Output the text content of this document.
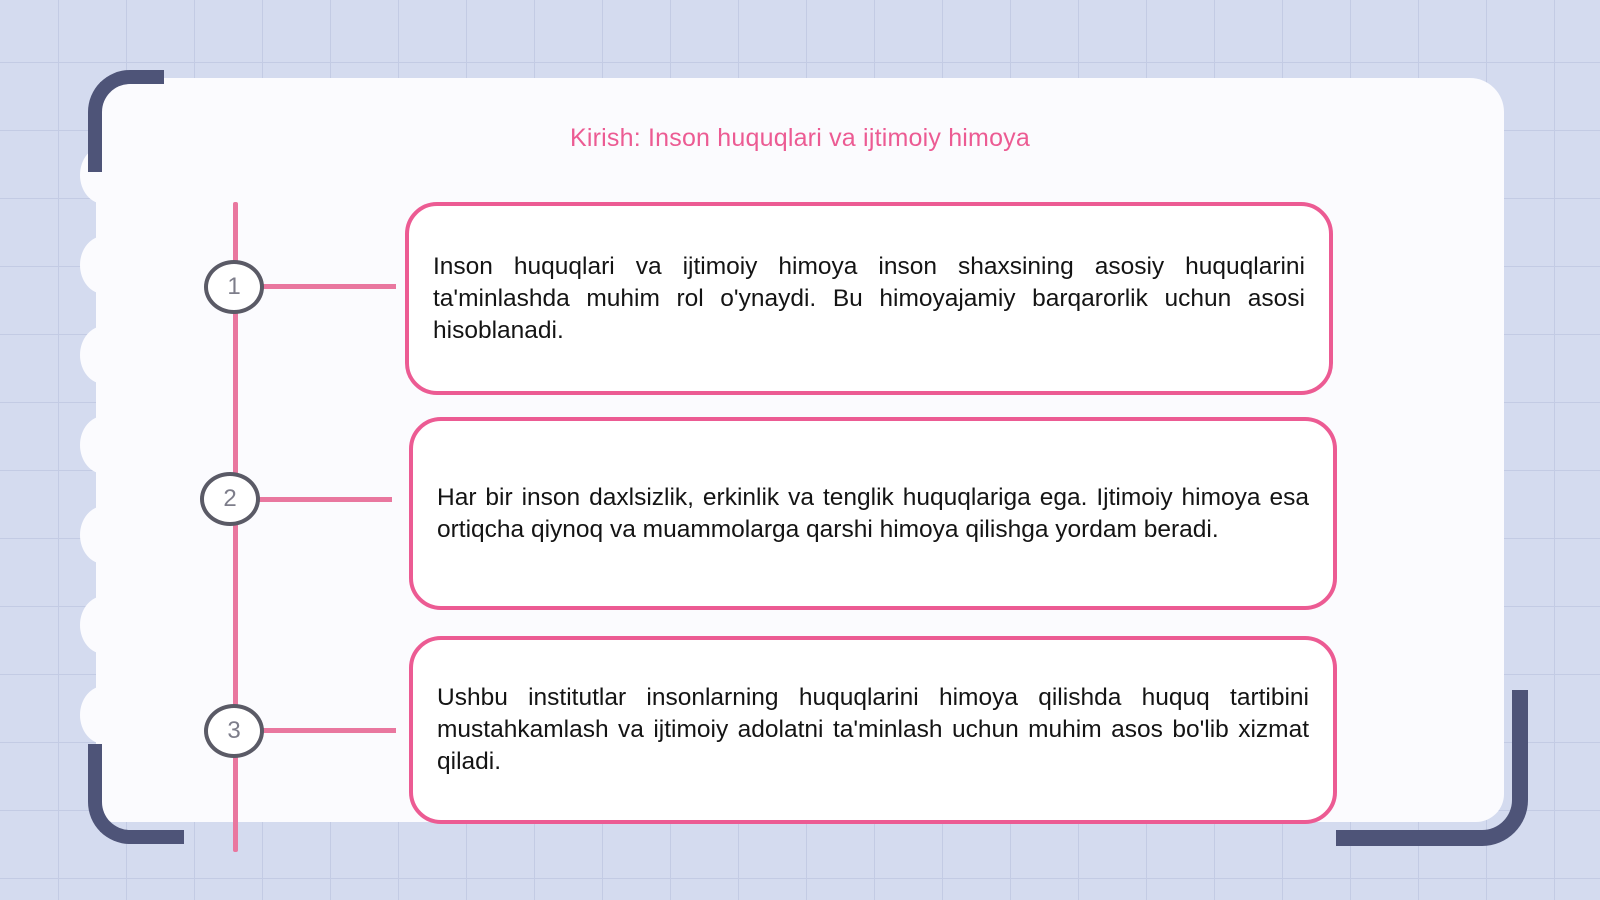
Kirish: Inson huquqlari va ijtimoiy himoya
1
2
3

Inson huquqlari va ijtimoiy himoya inson shaxsining asosiy huquqlarini ta'minlashda muhim rol o'ynaydi. Bu himoyajamiy barqarorlik uchun asosi hisoblanadi.

Har bir inson daxlsizlik, erkinlik va tenglik huquqlariga ega. Ijtimoiy himoya esa ortiqcha qiynoq va muammolarga qarshi himoya qilishga yordam beradi.

Ushbu institutlar insonlarning huquqlarini himoya qilishda huquq tartibini mustahkamlash va ijtimoiy adolatni ta'minlash uchun muhim asos bo'lib xizmat qiladi.
